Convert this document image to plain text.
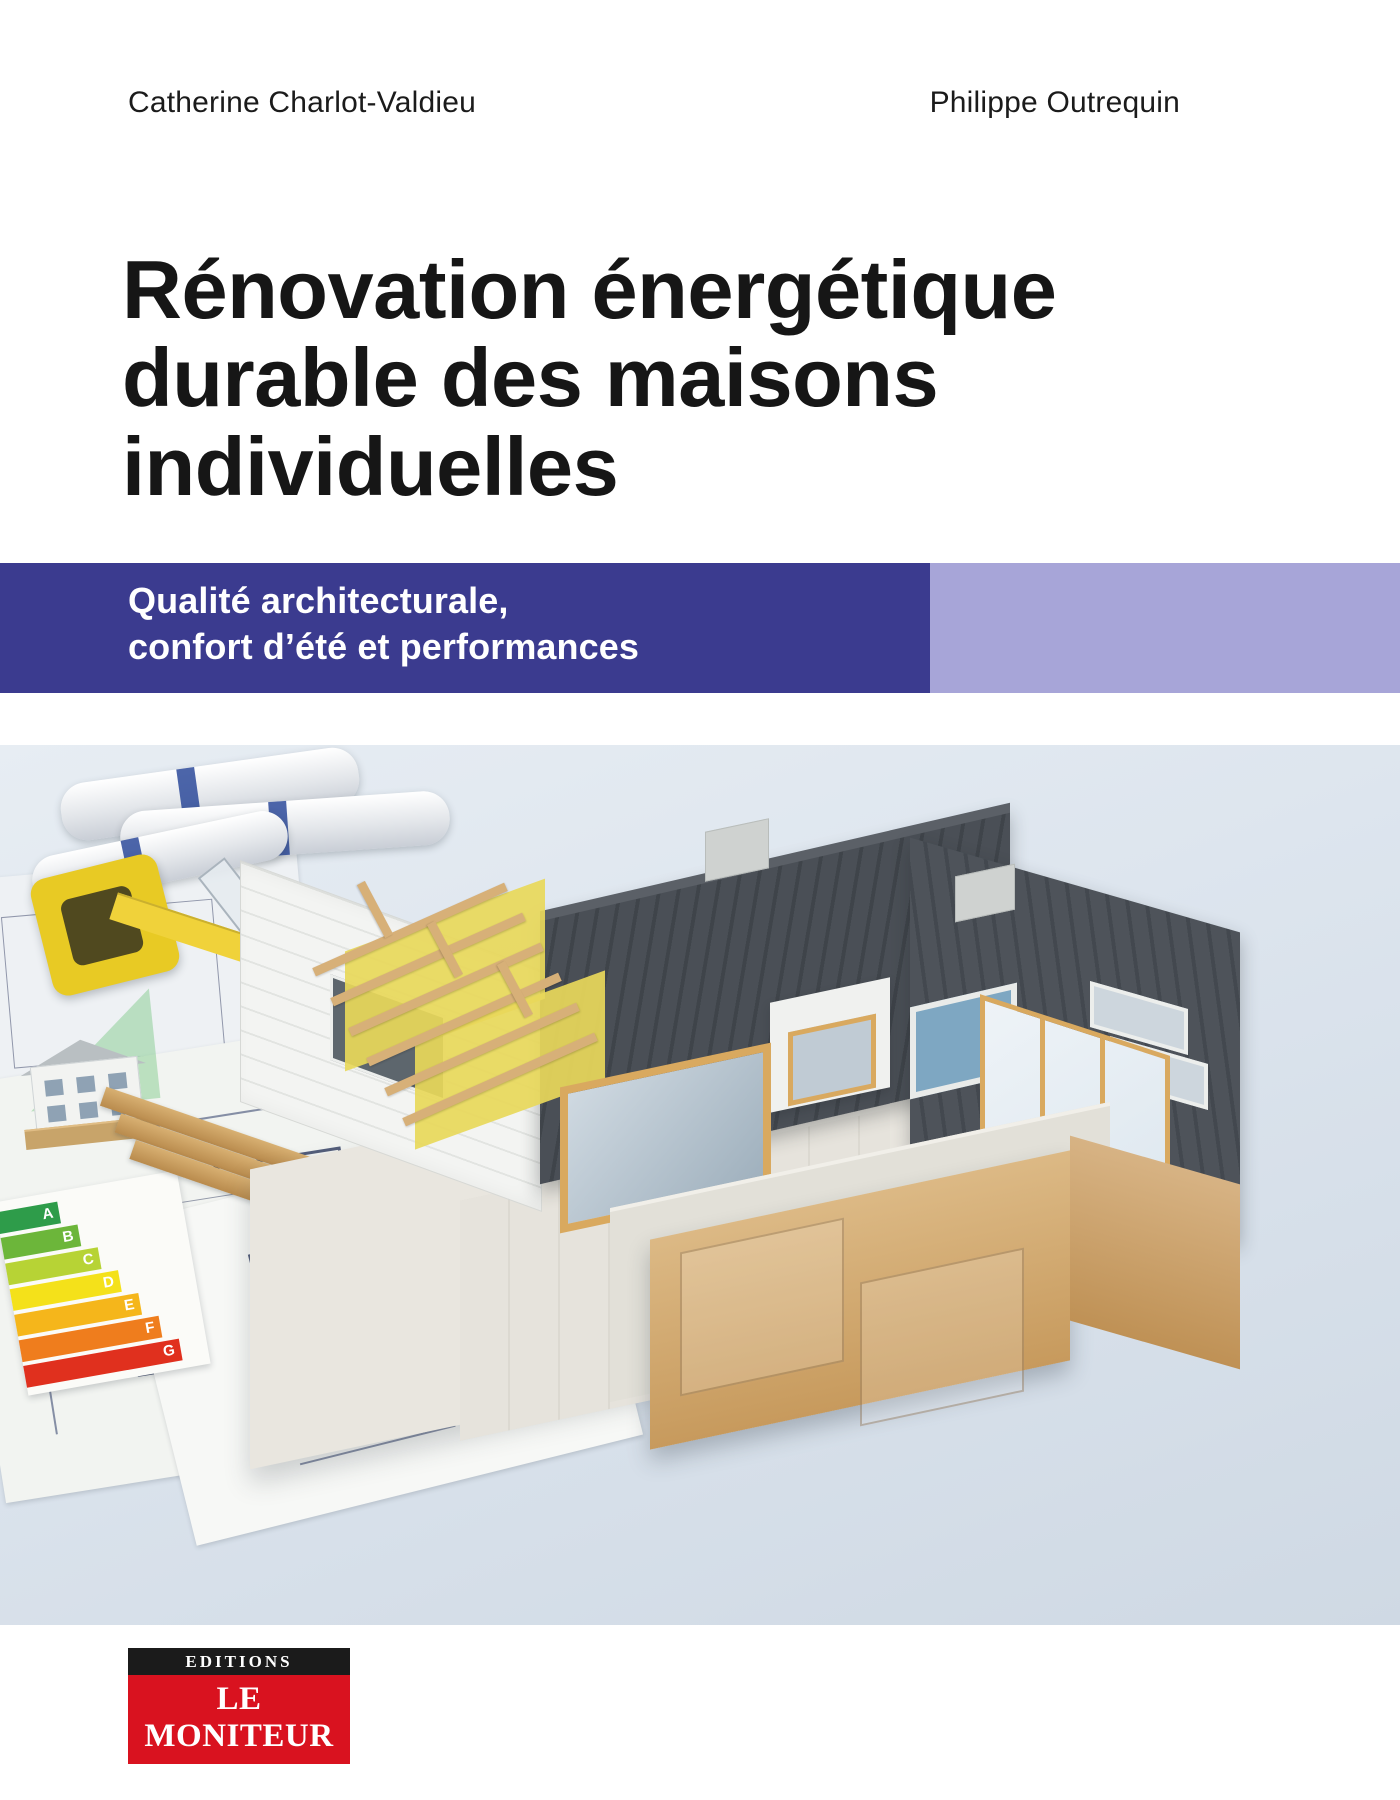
Catherine Charlot-Valdieu	Philippe Outrequin
Rénovation énergétique
durable des maisons
individuelles
Qualité architecturale,
confort d’été et performances
A
B
C
D
E
F
G
EDITIONS
LE MONITEUR
